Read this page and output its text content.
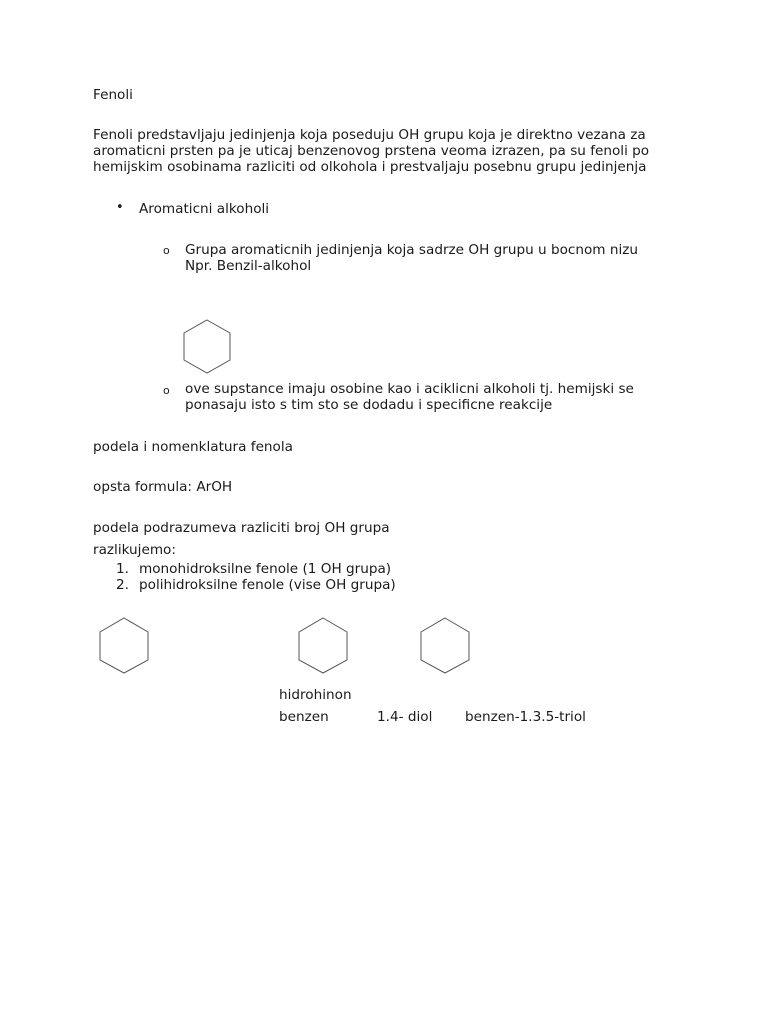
Fenoli
Fenoli predstavljaju jedinjenja koja poseduju OH grupu koja je direktno vezana za
aromaticni prsten pa je uticaj benzenovog prstena veoma izrazen, pa su fenoli po
hemijskim osobinama razliciti od olkohola i prestvaljaju posebnu grupu jedinjenja
• Aromaticni alkoholi
o Grupa aromaticnih jedinjenja koja sadrze OH grupu u bocnom nizu
Npr. Benzil-alkohol
o ove supstance imaju osobine kao i aciklicni alkoholi tj. hemijski se
ponasaju isto s tim sto se dodadu i specificne reakcije
podela i nomenklatura fenola
opsta formula: ArOH
podela podrazumeva razliciti broj OH grupa
razlikujemo:
1. monohidroksilne fenole (1 OH grupa)
2. polihidroksilne fenole (vise OH grupa)
hidrohinon
benzen	1.4- diol benzen-1.3.5-triol
